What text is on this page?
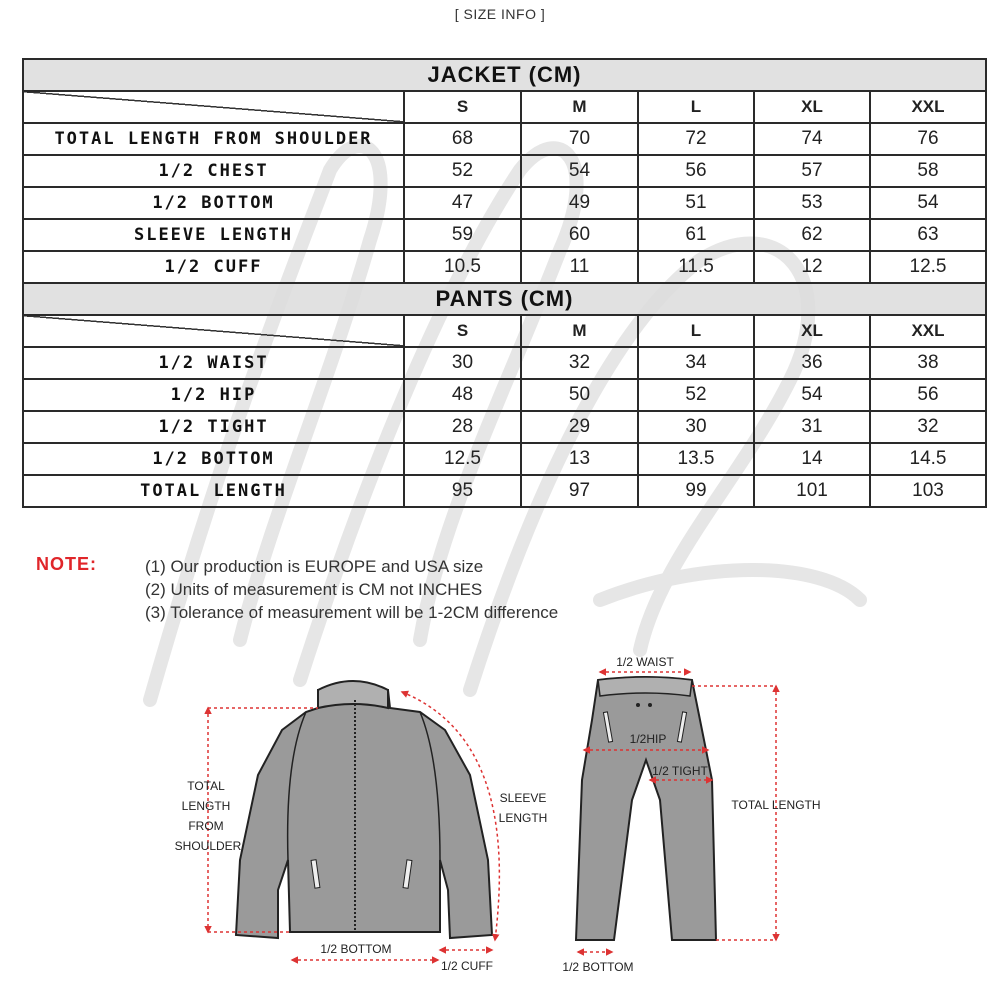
[ SIZE INFO ]
JACKET (CM)					
	S	M	L	XL	XXL
TOTAL LENGTH FROM SHOULDER	68	70	72	74	76
1/2 CHEST	52	54	56	57	58
1/2 BOTTOM	47	49	51	53	54
SLEEVE LENGTH	59	60	61	62	63
1/2 CUFF	10.5	11	11.5	12	12.5
PANTS (CM)					
	S	M	L	XL	XXL
1/2 WAIST	30	32	34	36	38
1/2 HIP	48	50	52	54	56
1/2 TIGHT	28	29	30	31	32
1/2 BOTTOM	12.5	13	13.5	14	14.5
TOTAL LENGTH	95	97	99	101	103
NOTE:	(1) Our production is EUROPE and USA size
(2) Units of measurement is CM not INCHES
(3) Tolerance of measurement will be 1-2CM difference
TOTAL
LENGTH
FROM
SHOULDER
SLEEVE
LENGTH
1/2 BOTTOM
1/2 CUFF
1/2 WAIST
1/2HIP
1/2 TIGHT
TOTAL LENGTH
1/2 BOTTOM
